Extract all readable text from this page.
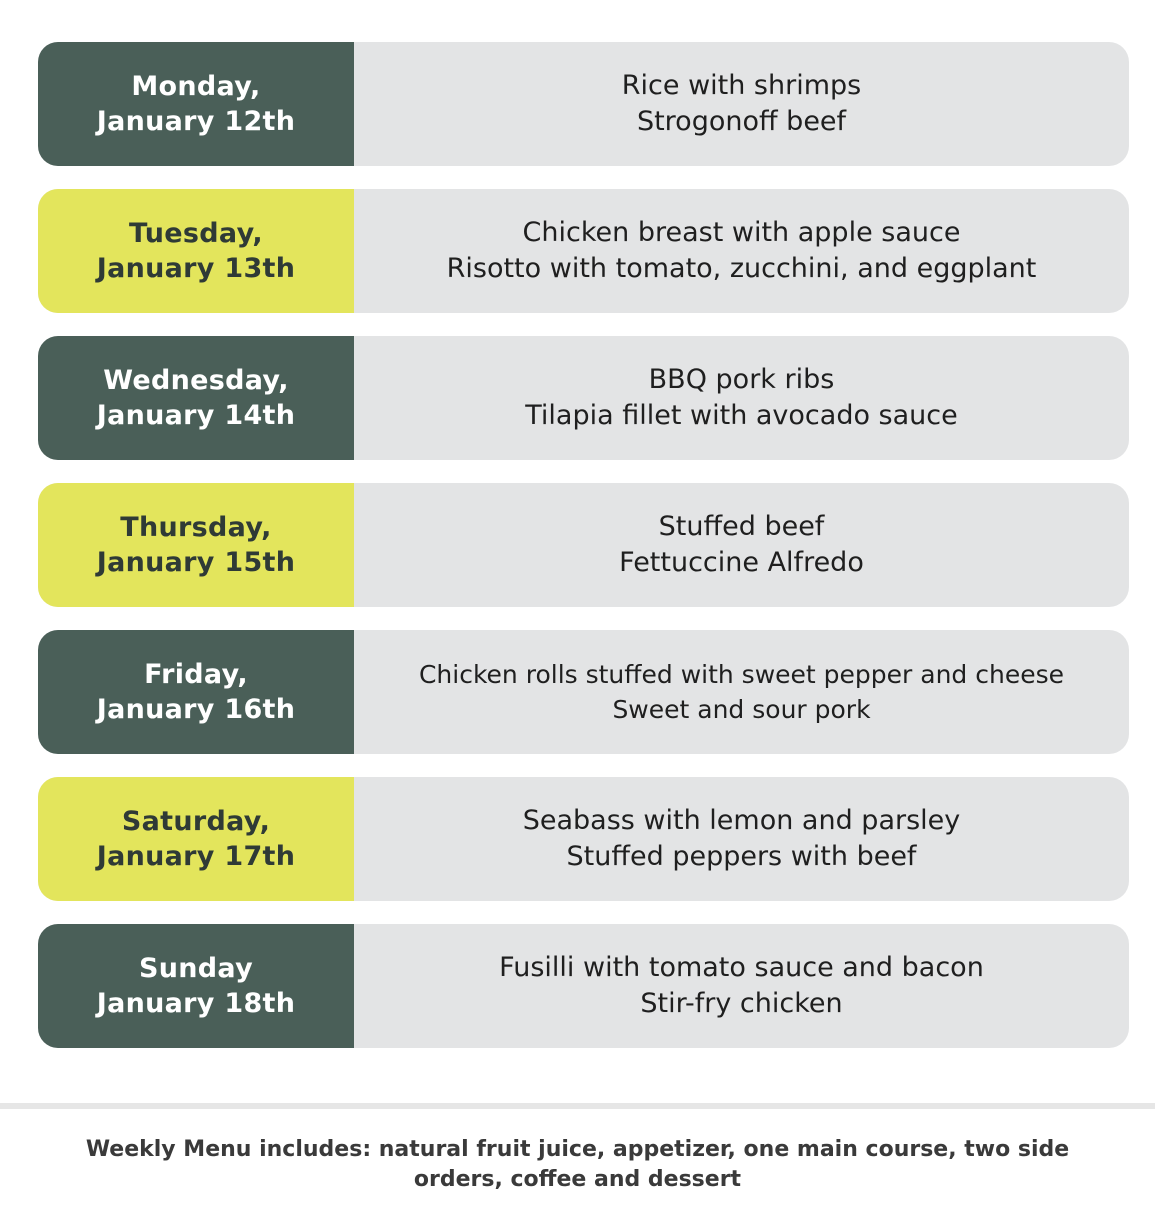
Monday,
January 12th
Rice with shrimps
Strogonoff beef
Tuesday,
January 13th
Chicken breast with apple sauce
Risotto with tomato, zucchini, and eggplant
Wednesday,
January 14th
BBQ pork ribs
Tilapia fillet with avocado sauce
Thursday,
January 15th
Stuffed beef
Fettuccine Alfredo
Friday,
January 16th
Chicken rolls stuffed with sweet pepper and cheese
Sweet and sour pork
Saturday,
January 17th
Seabass with lemon and parsley
Stuffed peppers with beef
Sunday
January 18th
Fusilli with tomato sauce and bacon
Stir-fry chicken
Weekly Menu includes: natural fruit juice, appetizer, one main course, two side orders, coffee and dessert
